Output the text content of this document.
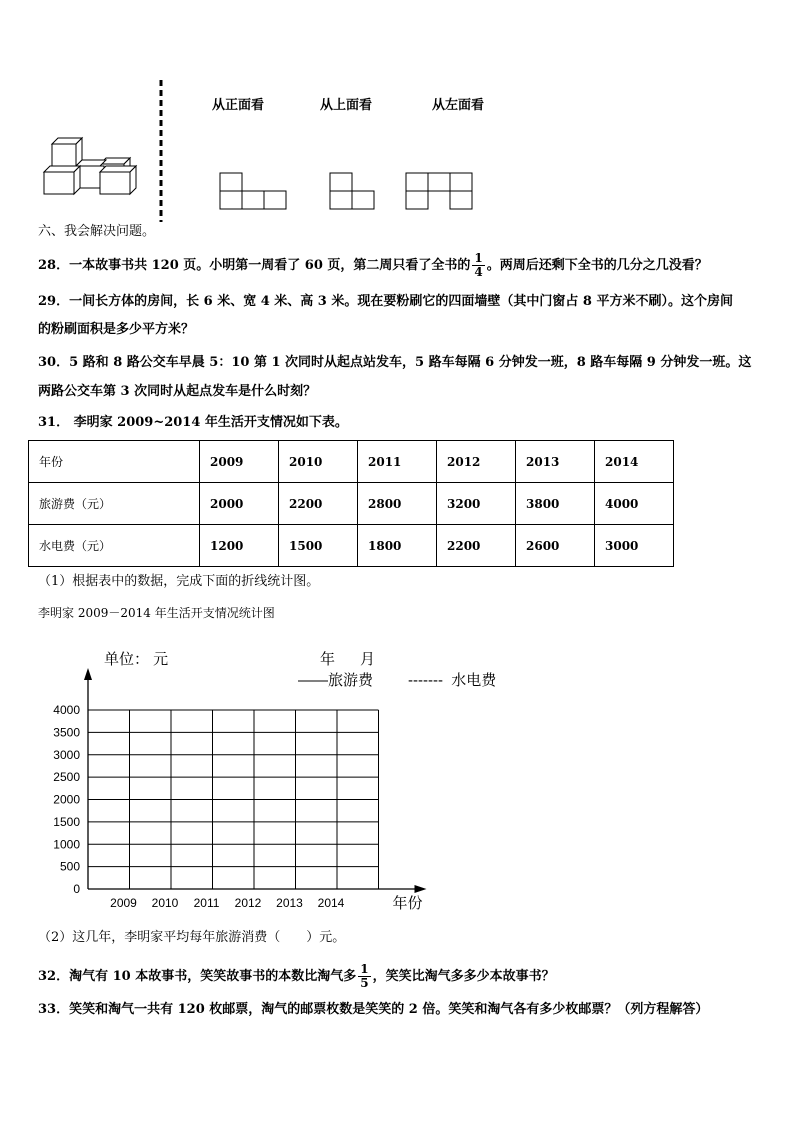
从正面看	从上面看	从左面看
六、我会解决问题。
28．一本故事书共 120 页。小明第一周看了 60 页，第二周只看了全书的 $\frac{1}{4}$ 。两周后还剩下全书的几分之几没看？
29．一间长方体的房间，长 6 米、宽 4 米、高 3 米。现在要粉刷它的四面墙壁（其中门窗占 8 平方米不刷）。这个房间
的粉刷面积是多少平方米？
30．5 路和 8 路公交车早晨 5：10 第 1 次同时从起点站发车，5 路车每隔 6 分钟发一班，8 路车每隔 9 分钟发一班。这
两路公交车第 3 次同时从起点发车是什么时刻？
31． 李明家 2009~2014 年生活开支情况如下表。
年份	2009	2010	2011	2012	2013	2014
旅游费（元）	2000	2200	2800	3200	3800	4000
水电费（元）	1200	1500	1800	2200	2600	3000
（1）根据表中的数据，完成下面的折线统计图。
李明家 2009－2014 年生活开支情况统计图
单位： 元	年      月
——旅游费 -------  水电费
4000
3500
3000
2500
2000
1500
1000
500
0
2009 2010 2011 2012 2013 2014	年份
（2）这几年，李明家平均每年旅游消费（　　）元。
32．淘气有 10 本故事书，笑笑故事书的本数比淘气多 $\frac{1}{5}$ ，笑笑比淘气多多少本故事书？
33．笑笑和淘气一共有 120 枚邮票，淘气的邮票枚数是笑笑的 2 倍。笑笑和淘气各有多少枚邮票？（列方程解答）
